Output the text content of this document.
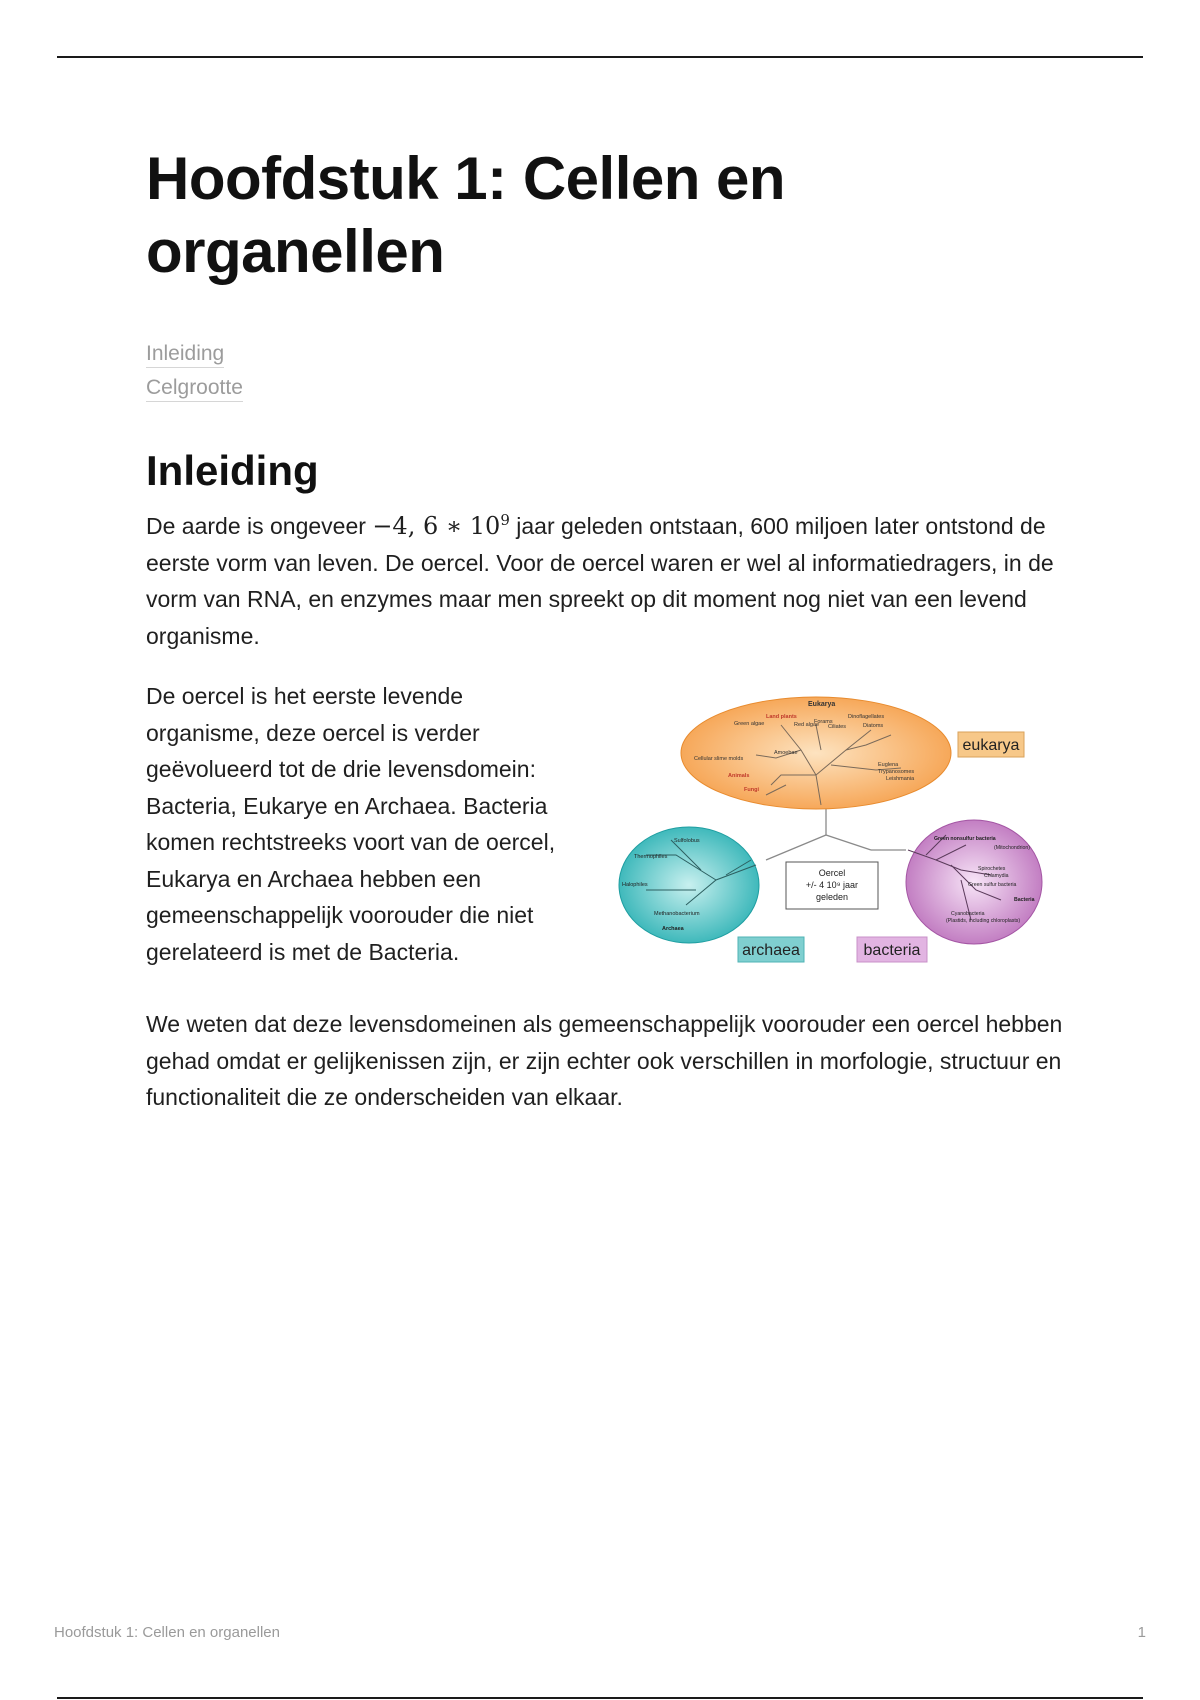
Hoofdstuk 1: Cellen en organellen
Inleiding
Celgrootte
Inleiding

De aarde is ongeveer −4, 6 ∗ $10^9$ jaar geleden ontstaan, 600 miljoen later ontstond de eerste vorm van leven. De oercel. Voor de oercel waren er wel al informatiedragers, in de vorm van RNA, en enzymes maar men spreekt op dit moment nog niet van een levend organisme.

De oercel is het eerste levende organisme, deze oercel is verder geëvolueerd tot de drie levensdomein: Bacteria, Eukarye en Archaea. Bacteria komen rechtstreeks voort van de oercel, Eukarya en Archaea hebben een gemeenschappelijk voorouder die niet gerelateerd is met de Bacteria.

Eukarya
Land plants
Green algae	Red algae
Forams
Ciliates
Dinoflagellates
Diatoms
Amoebae
Cellular slime molds
Animals
Fungi
Euglena
Trypanosomes
Leishmania
Sulfolobus
Thermophiles
Halophiles
Methanobacterium
Archaea
Green nonsulfur bacteria
(Mitochondrion)
Spirochetes
Chlamydia
Green sulfur bacteria
Bacteria
Cyanobacteria
(Plastids, including chloroplasts)
Oercel
+/- 4 10⁹ jaar
geleden
eukarya
archaea	bacteria

We weten dat deze levensdomeinen als gemeenschappelijk voorouder een oercel hebben gehad omdat er gelijkenissen zijn, er zijn echter ook verschillen in morfologie, structuur en functionaliteit die ze onderscheiden van elkaar.

Hoofdstuk 1: Cellen en organellen	1
